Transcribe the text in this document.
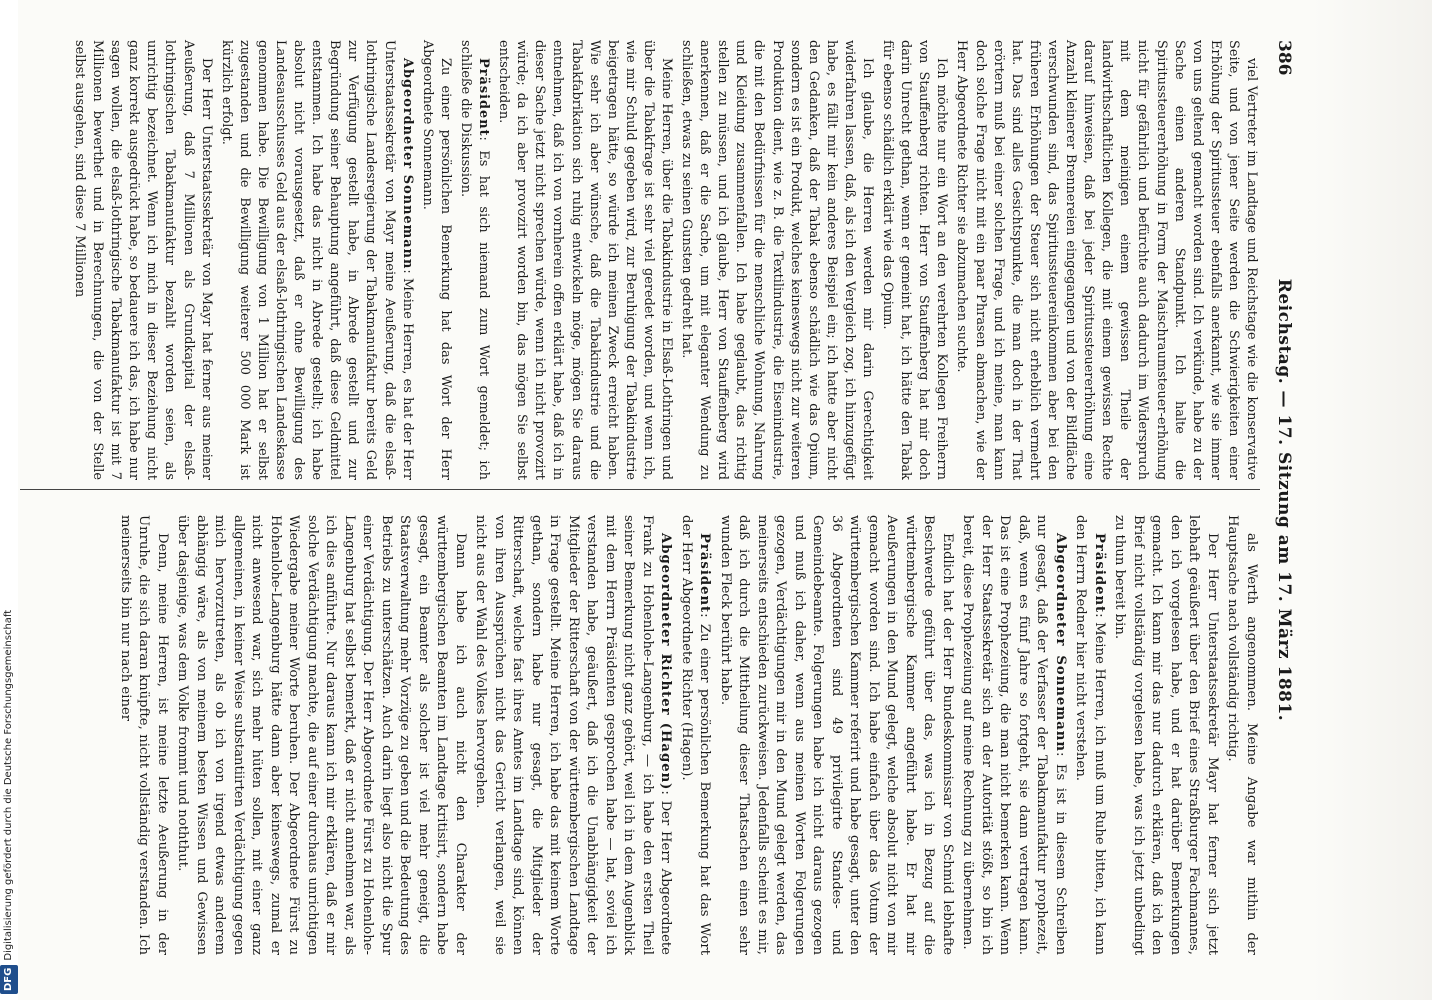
386
Reichstag. — 17. Sitzung am 17. März 1881.

viel Vertreter im Landtage und Reichstage wie die konservative Seite, und von jener Seite werden die Schwierigkeiten einer Erhöhung der Spiritussteuer ebenfalls anerkannt, wie sie immer von uns geltend gemacht worden sind. Ich verkünde, habe zu der Sache einen anderen Standpunkt. Ich halte die Spiritussteuererhöhung in Form der Maischraumsteuer-erhöhung nicht für gefährlich und befürchte auch dadurch im Widerspruch mit dem meinigen einem gewissen Theile der landwirthschaftlichen Kollegen, die mit einem gewissen Rechte darauf hinweisen, daß bei jeder Spiritussteuererhöhung eine Anzahl kleinerer Brennereien eingegangen und von der Bildfläche verschwunden sind, das Spiritussteuereinkommen aber bei den früheren Erhöhungen der Steuer sich nicht erheblich vermehrt hat. Das sind alles Gesichtspunkte, die man doch in der That erörtern muß bei einer solchen Frage, und ich meine, man kann doch solche Frage nicht mit ein paar Phrasen abmachen, wie der Herr Abgeordnete Richter sie abzumachen suchte.

Ich möchte nur ein Wort an den verehrten Kollegen Freiherrn von Stauffenberg richten. Herr von Stauffenberg hat mir doch darin Unrecht gethan, wenn er gemeint hat, ich hätte den Tabak für ebenso schädlich erklärt wie das Opium.

Ich glaube, die Herren werden mir darin Gerechtigkeit widerfahren lassen, daß, als ich den Vergleich zog, ich hinzugefügt habe, es fällt mir kein anderes Beispiel ein; ich hatte aber nicht den Gedanken, daß der Tabak ebenso schädlich wie das Opium, sondern es ist ein Produkt, welches keineswegs nicht zur weiteren Produktion dient, wie z. B. die Textilindustrie, die Eisenindustrie, die mit den Bedürfnissen für die menschliche Wohnung, Nahrung und Kleidung zusammenfallen. Ich habe geglaubt, das richtig stellen zu müssen, und ich glaube, Herr von Stauffenberg wird anerkennen, daß er die Sache, um mit eleganter Wendung zu schließen, etwas zu seinen Gunsten gedreht hat.

Meine Herren, über die Tabakindustrie in Elsaß-Lothringen und über die Tabakfrage ist sehr viel geredet worden, und wenn ich, wie mir Schuld gegeben wird, zur Beruhigung der Tabakindustrie beigetragen hätte, so würde ich meinen Zweck erreicht haben. Wie sehr ich aber wünsche, daß die Tabakindustrie und die Tabakfabrikation sich ruhig entwickeln möge, mögen Sie daraus entnehmen, daß ich von vornherein offen erklärt habe, daß ich in dieser Sache jetzt nicht sprechen würde, wenn ich nicht provozirt würde; da ich aber provozirt worden bin, das mögen Sie selbst entscheiden.

Präsident: Es hat sich niemand zum Wort gemeldet; ich schließe die Diskussion.

Zu einer persönlichen Bemerkung hat das Wort der Herr Abgeordnete Sonnemann.

Abgeordneter Sonnemann: Meine Herren, es hat der Herr Unterstaatssekretär von Mayr meine Aeußerung, daß die elsaß-lothringische Landesregierung der Tabakmanufaktur bereits Geld zur Verfügung gestellt habe, in Abrede gestellt und zur Begründung seiner Behauptung angeführt, daß diese Geldmittel entstammen. Ich habe das nicht in Abrede gestellt; ich habe absolut nicht vorausgesetzt, daß er ohne Bewilligung des Landesausschusses Geld aus der elsaß-lothringischen Landeskasse genommen habe. Die Bewilligung von 1 Million hat er selbst zugestanden und die Bewilligung weiterer 500 000 Mark ist kürzlich erfolgt.

Der Herr Unterstaatssekretär von Mayr hat ferner aus meiner Aeußerung, daß 7 Millionen als Grundkapital der elsaß-lothringischen Tabakmanufaktur bezahlt worden seien, als unrichtig bezeichnet. Wenn ich mich in dieser Beziehung nicht ganz korrekt ausgedrückt habe, so bedauere ich das, ich habe nur sagen wollen, die elsaß-lothringische Tabakmanufaktur ist mit 7 Millionen bewerthet und in Berechnungen, die von der Stelle selbst ausgehen, sind diese 7 Millionen

als Werth angenommen. Meine Angabe war mithin der Hauptsache nach vollständig richtig.

Der Herr Unterstaatssekretär Mayr hat ferner sich jetzt lebhaft geäußert über den Brief eines Straßburger Fachmannes, den ich vorgelesen habe, und er hat darüber Bemerkungen gemacht. Ich kann mir das nur dadurch erklären, daß ich den Brief nicht vollständig vorgelesen habe, was ich jetzt unbedingt zu thun bereit bin.

Präsident: Meine Herren, ich muß um Ruhe bitten, ich kann den Herrn Redner hier nicht verstehen.

Abgeordneter Sonnemann: Es ist in diesem Schreiben nur gesagt, daß der Verfasser der Tabakmanufaktur prophezeit, daß, wenn es fünf Jahre so fortgeht, sie dann vertragen kann. Das ist eine Prophezeiung, die man nicht bemerken kann. Wenn der Herr Staatssekretär sich an der Autorität stößt, so bin ich bereit, diese Prophezeiung auf meine Rechnung zu übernehmen.

Endlich hat der Herr Bundeskommissar von Schmid lebhafte Beschwerde geführt über das, was ich in Bezug auf die württembergische Kammer angeführt habe. Er hat mir Aeußerungen in den Mund gelegt, welche absolut nicht von mir gemacht worden sind. Ich habe einfach über das Votum der württembergischen Kammer referirt und habe gesagt, unter den 36 Abgeordneten sind 49 privilegirte Standes- und Gemeindebeamte. Folgerungen habe ich nicht daraus gezogen und muß ich daher, wenn aus meinen Worten Folgerungen gezogen, Verdächtigungen mir in den Mund gelegt werden, das meinerseits entschieden zurückweisen. Jedenfalls scheint es mir, daß ich durch die Mittheilung dieser Thatsachen einen sehr wunden Fleck berührt habe.

Präsident: Zu einer persönlichen Bemerkung hat das Wort der Herr Abgeordnete Richter (Hagen).

Abgeordneter Richter (Hagen): Der Herr Abgeordnete Frank zu Hohenlohe-Langenburg, — ich habe den ersten Theil seiner Bemerkung nicht ganz gehört, weil ich in dem Augenblick mit dem Herrn Präsidenten gesprochen habe — hat, soviel ich verstanden habe, geäußert, daß ich die Unabhängigkeit der Mitglieder der Ritterschaft von der württembergischen Landtage in Frage gestellt. Meine Herren, ich habe das mit keinem Worte gethan, sondern habe nur gesagt, die Mitglieder der Ritterschaft, welche fast ihres Amtes im Landtage sind, können von ihren Aussprüchen nicht das Gericht verlangen, weil sie nicht aus der Wahl des Volkes hervorgehen.

Dann habe ich auch nicht den Charakter der württembergischen Beamten im Landtage kritisirt, sondern habe gesagt, ein Beamter als solcher ist viel mehr geneigt, die Staatsverwaltung mehr Vorzüge zu geben und die Bedeutung des Betriebs zu unterschätzen. Auch darin liegt also nicht die Spur einer Verdächtigung. Der Herr Abgeordnete Fürst zu Hohenlohe-Langenburg hat selbst bemerkt, daß er nicht annehmen war, als ich dies anführte. Nur daraus kann ich mir erklären, daß er mir solche Verdächtigung machte, die auf einer durchaus unrichtigen Wiedergabe meiner Worte beruhen. Der Abgeordnete Fürst zu Hohenlohe-Langenburg hätte dann aber keineswegs, zumal er nicht anwesend war, sich mehr hüten sollen, mit einer ganz allgemeinen, in keiner Weise substantiirten Verdächtigung gegen mich hervorzutreten, als ob ich von irgend etwas anderem abhängig wäre, als von meinem besten Wissen und Gewissen über dasjenige, was dem Volke frommt und noththut.

Denn, meine Herren, ist meine letzte Aeußerung in der Unruhe, die sich daran knüpfte, nicht vollständig verstanden. Ich meinerseits bin nur nach einer

DFGDigitalisierung gefördert durch die Deutsche Forschungsgemeinschaft
